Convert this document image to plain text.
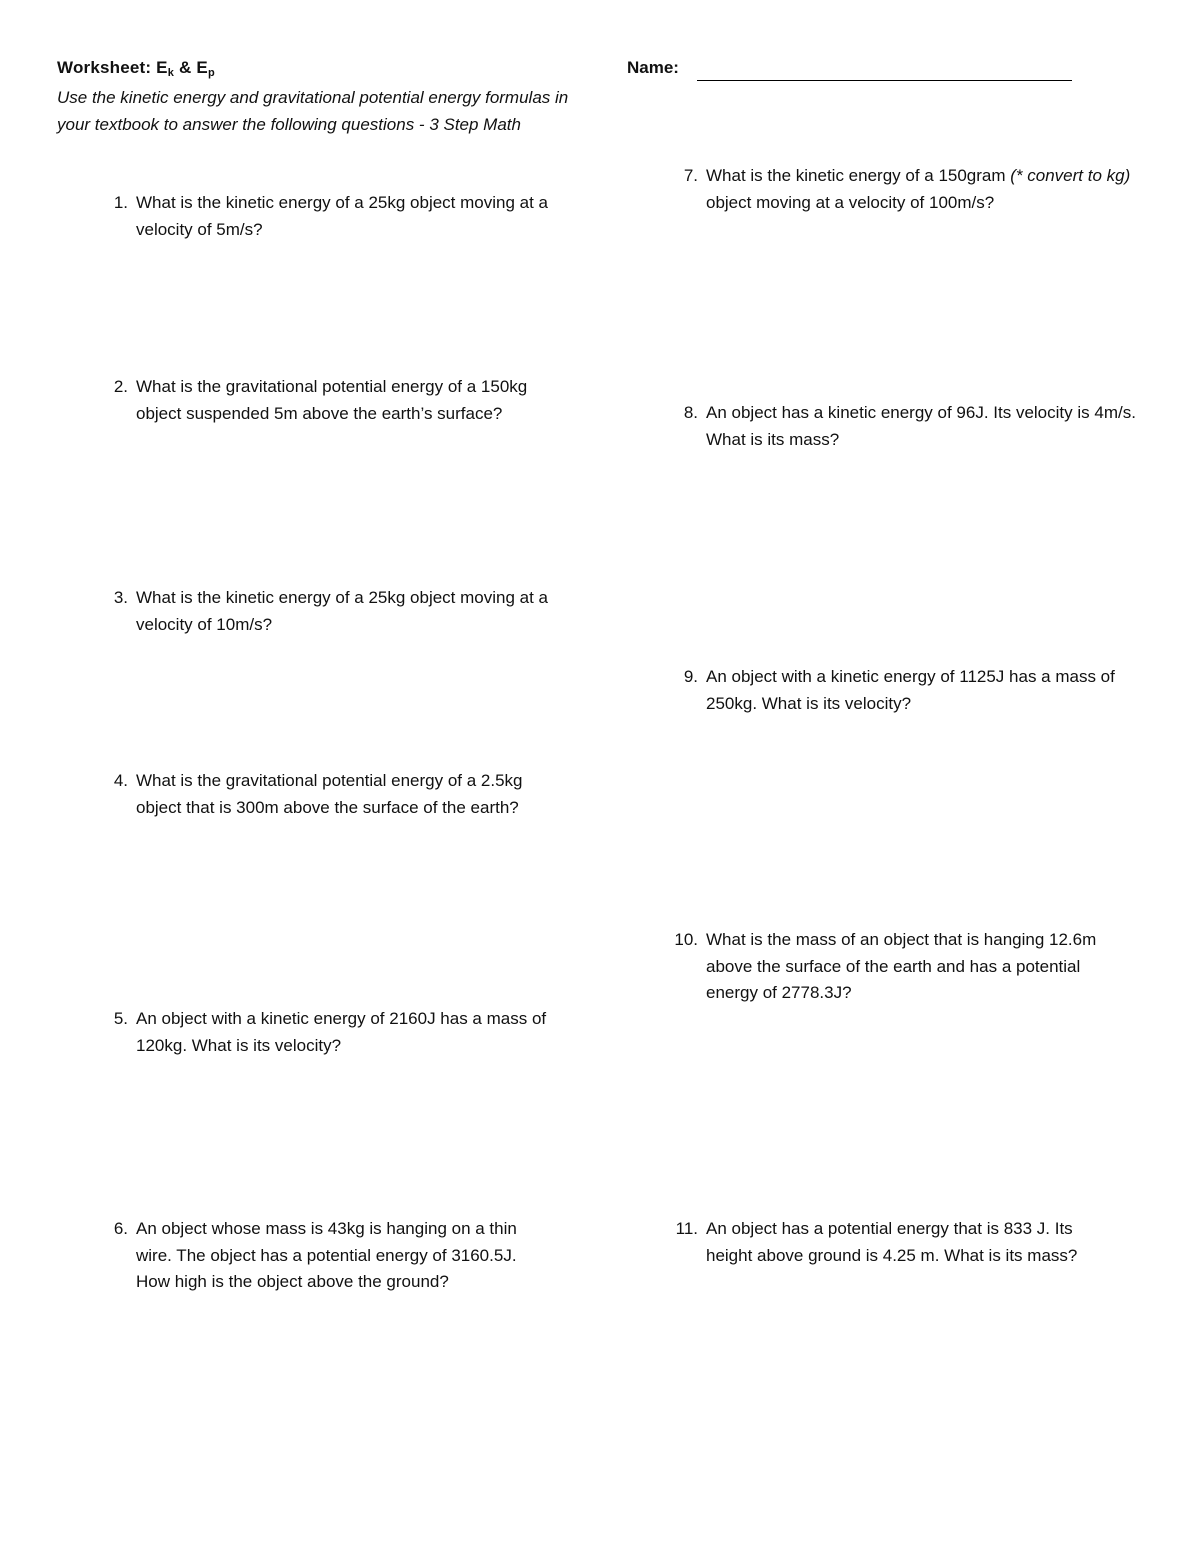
Worksheet: $E_k$ & $E_p$
Use the kinetic energy and gravitational potential energy formulas in your textbook to answer the following questions - 3 Step Math
Name:
1. What is the kinetic energy of a 25kg object moving at a velocity of 5m/s?
2. What is the gravitational potential energy of a 150kg object suspended 5m above the earth’s surface?
3. What is the kinetic energy of a 25kg object moving at a velocity of 10m/s?
4. What is the gravitational potential energy of a 2.5kg object that is 300m above the surface of the earth?
5. An object with a kinetic energy of 2160J has a mass of 120kg. What is its velocity?
6. An object whose mass is 43kg is hanging on a thin wire. The object has a potential energy of 3160.5J. How high is the object above the ground?
7. What is the kinetic energy of a 150gram (* convert to kg) object moving at a velocity of 100m/s?
8. An object has a kinetic energy of 96J. Its velocity is 4m/s. What is its mass?
9. An object with a kinetic energy of 1125J has a mass of 250kg. What is its velocity?
10. What is the mass of an object that is hanging 12.6m above the surface of the earth and has a potential energy of 2778.3J?
11. An object has a potential energy that is 833 J. Its height above ground is 4.25 m. What is its mass?
